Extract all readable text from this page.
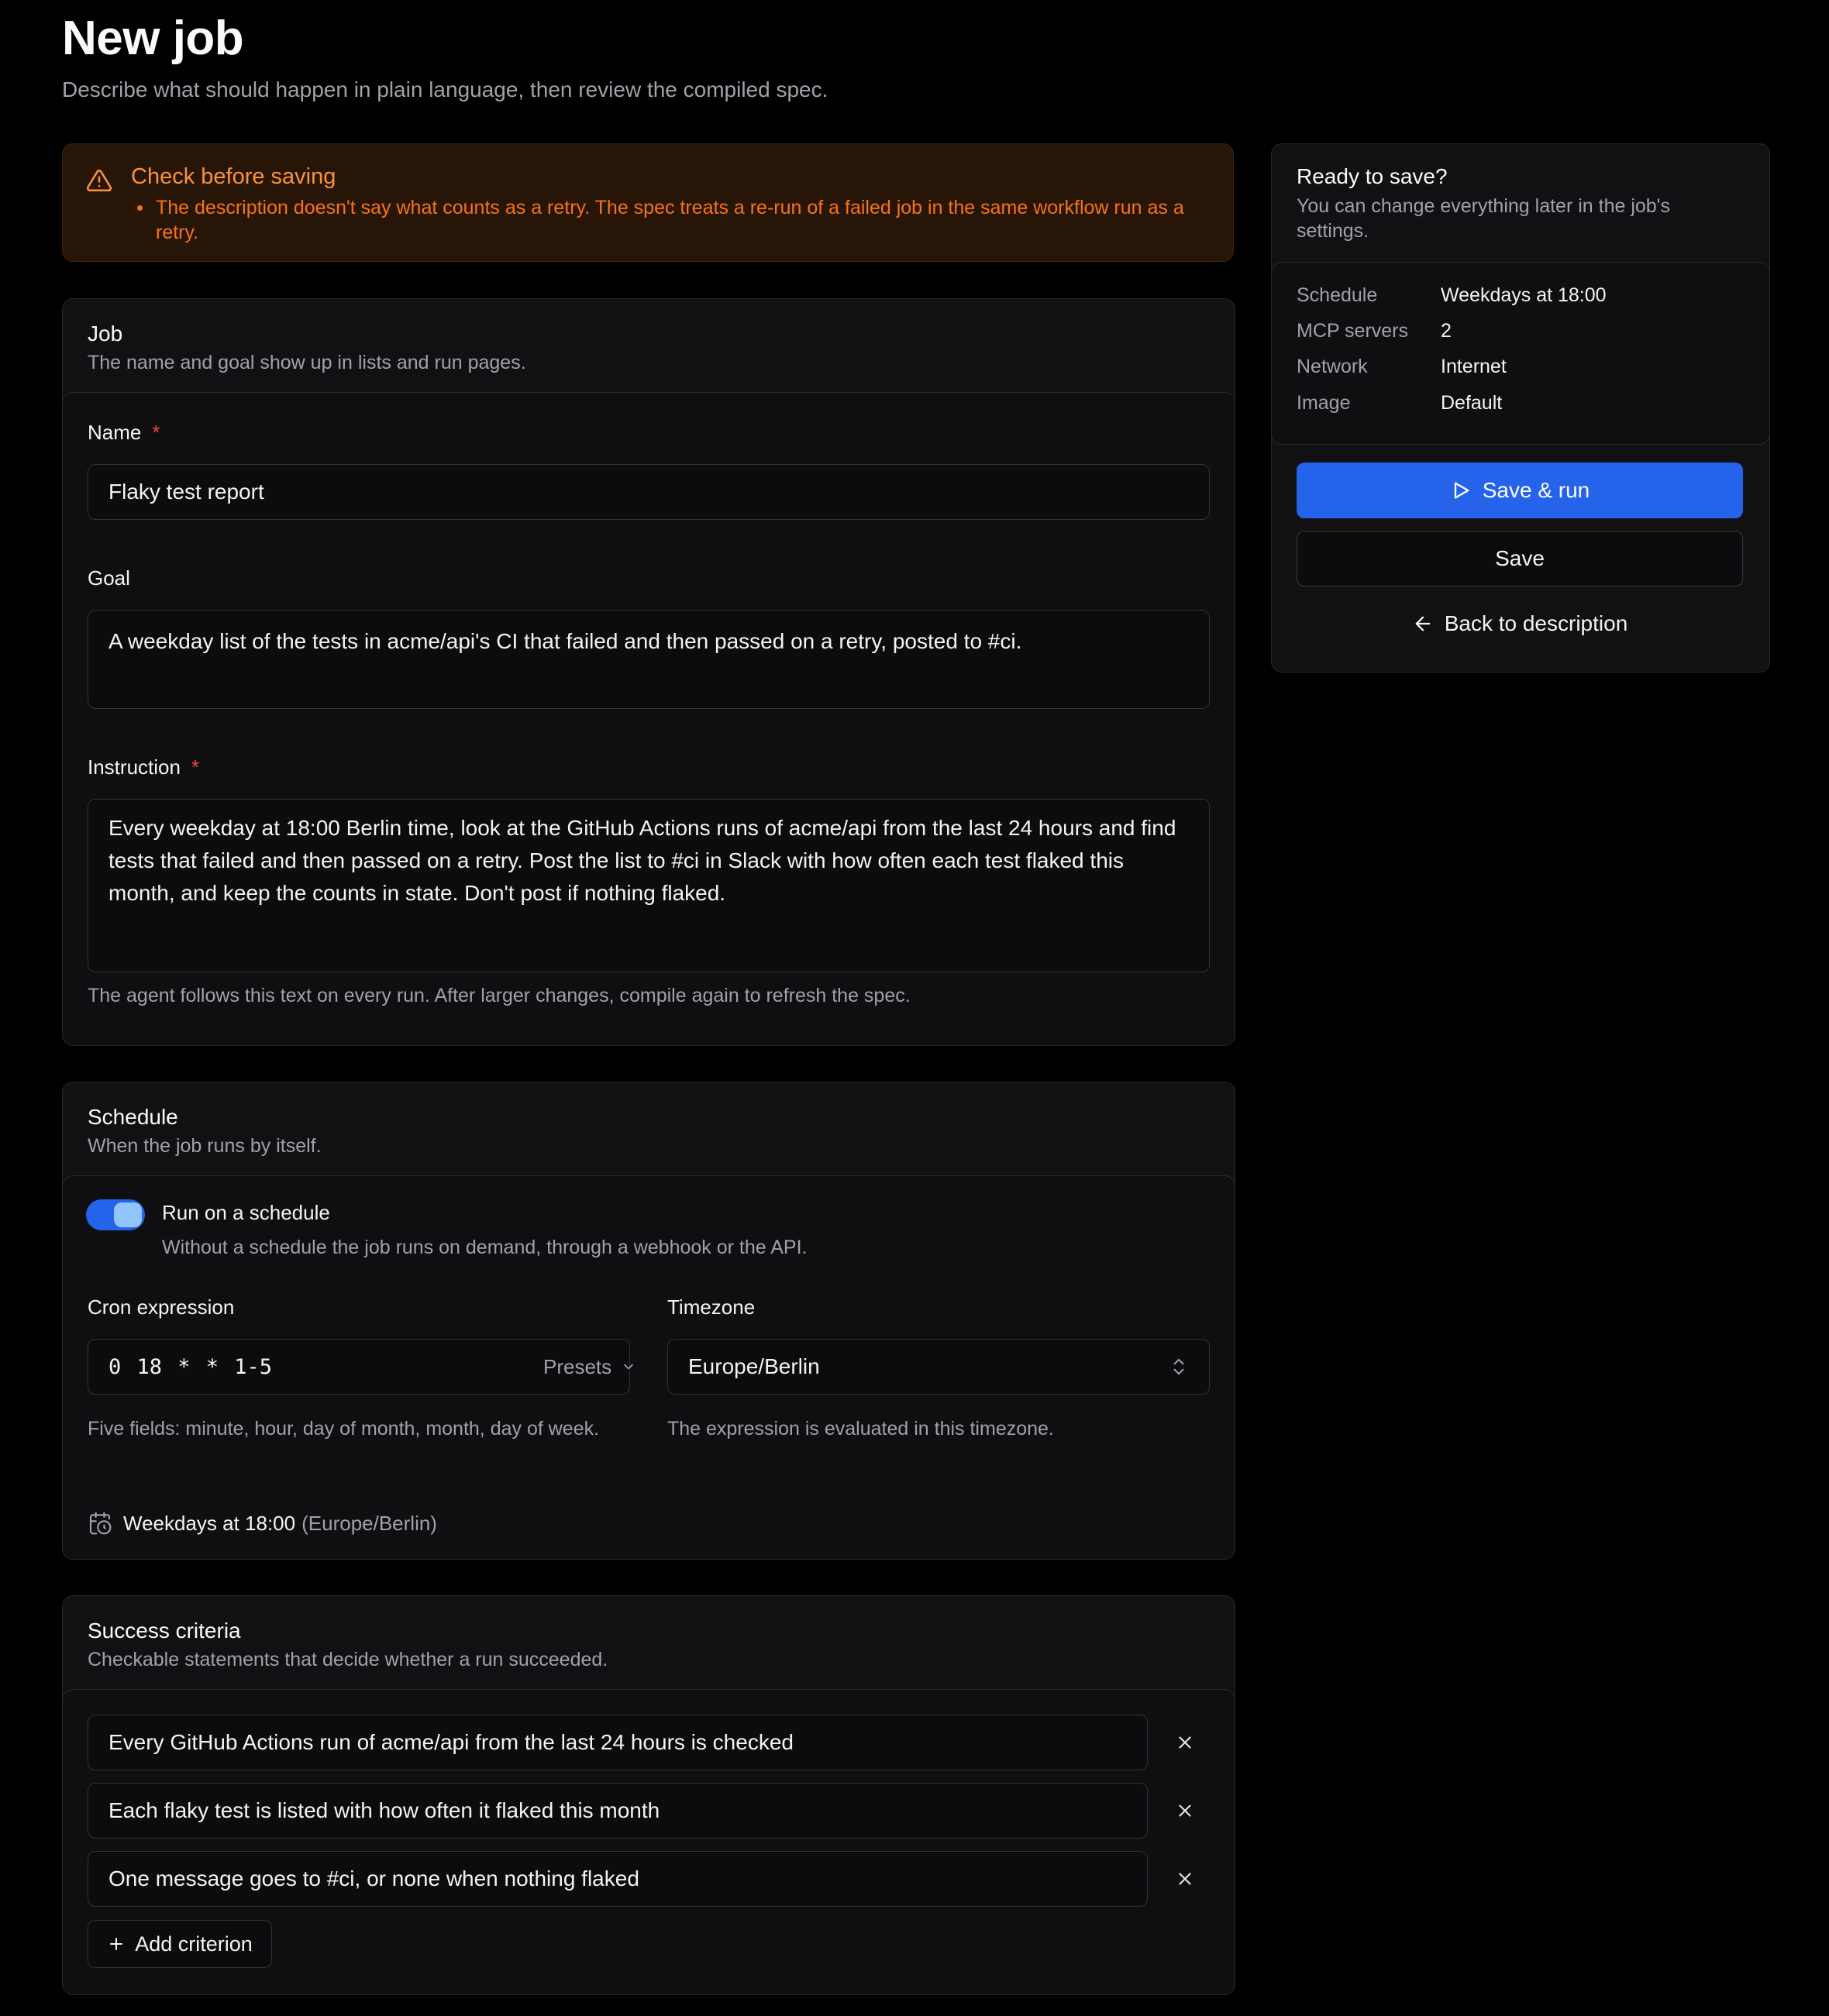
New job

Describe what should happen in plain language, then review the compiled spec.

Check before saving
The description doesn't say what counts as a retry. The spec treats a re-run of a failed job in the same workflow run as a retry.
Job
The name and goal show up in lists and run pages.
Name *
Flaky test report
Goal
A weekday list of the tests in acme/api's CI that failed and then passed on a retry, posted to #ci.
Instruction *
Every weekday at 18:00 Berlin time, look at the GitHub Actions runs of acme/api from the last 24 hours and find tests that failed and then passed on a retry. Post the list to #ci in Slack with how often each test flaked this month, and keep the counts in state. Don't post if nothing flaked.
The agent follows this text on every run. After larger changes, compile again to refresh the spec.
Schedule
When the job runs by itself.
Run on a schedule
Without a schedule the job runs on demand, through a webhook or the API.
Cron expression
0 18 * * 1-5	Presets
Five fields: minute, hour, day of month, month, day of week.
Timezone
Europe/Berlin
The expression is evaluated in this timezone.
Weekdays at 18:00 (Europe/Berlin)
Success criteria
Checkable statements that decide whether a run succeeded.
Every GitHub Actions run of acme/api from the last 24 hours is checked
Each flaky test is listed with how often it flaked this month
One message goes to #ci, or none when nothing flaked
Add criterion
Ready to save?
You can change everything later in the job's settings.
Schedule	Weekdays at 18:00
MCP servers 2
Network	Internet
Image	Default
Save & run
Save
Back to description
